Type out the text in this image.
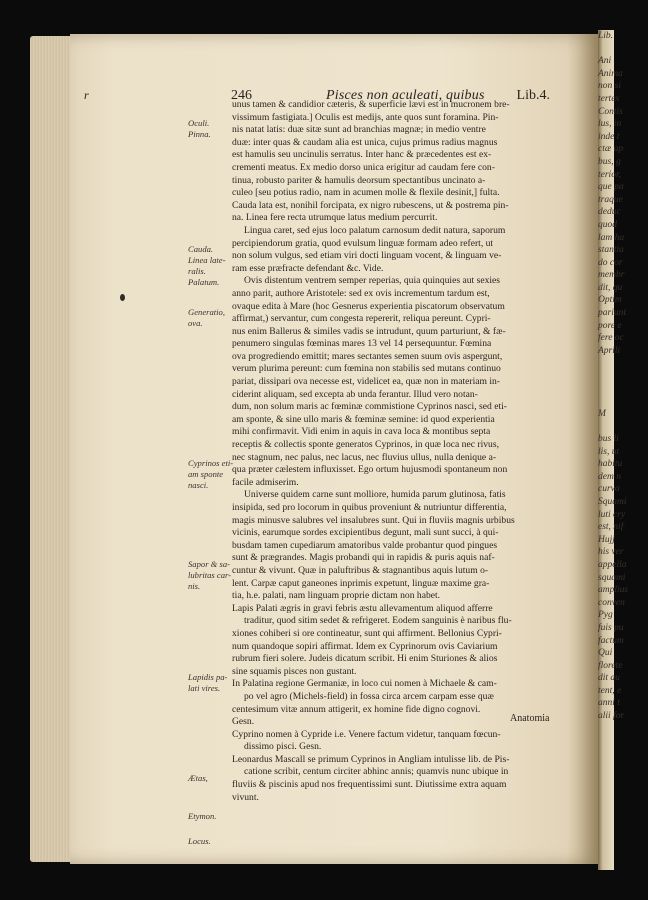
Lib.
Ani
Anima
non si
tertex
Contis
lus, in
inde t
ctæ ap
bus, g
terior,
que pa
traque
deduc
quod
lam ha
stantia
do cor
membr
dit, qu
Optim
pariunt
pore e
fere oc
Aprili
M
bus li
lis, ut
habitu
dem n
curva
Squami
luti cry
est, nif
Hujj
his ver
appella
squami
amplius
conven
Pyg
fuis pu
factum
Qui
florete
dit au
tent, e
anni t
alii for
r	246	Pisces non aculeati, quibus Lib.4.
Oculi.
Pinna.
Cauda.
Linea late-
ralis.
Palatum.
Generatio,
ova.
Cyprinos eti-
am sponte
nasci.
Sapor & sa-
lubritas car-
nis.
Lapidis pa-
lati vires.
Ætas,
Etymon.
Locus.
unus tamen & candidior cæteris, & superficie lævi est in mucronem bre-
vissimum fastigiata.] Oculis est medijs, ante quos sunt foramina. Pin-
nis natat latis: duæ sitæ sunt ad branchias magnæ; in medio ventre
duæ: inter quas & caudam alia est unica, cujus primus radius magnus
est hamulis seu uncinulis serratus. Inter hanc & præcedentes est ex-
crementi meatus. Ex medio dorso unica erigitur ad caudam fere con-
tinua, robusto pariter & hamulis deorsum spectantibus uncinato a-
culeo [seu potius radio, nam in acumen molle & flexile desinit,] fulta.
Cauda lata est, nonihil forcipata, ex nigro rubescens, ut & postrema pin-
na. Linea fere recta utrumque latus medium percurrit.
Lingua caret, sed ejus loco palatum carnosum dedit natura, saporum
percipiendorum gratia, quod evulsum linguæ formam adeo refert, ut
non solum vulgus, sed etiam viri docti linguam vocent, & linguam ve-
ram esse præfracte defendant &c. Vide.
Ovis distentum ventrem semper reperias, quia quinquies aut sexies
anno parit, authore Aristotele: sed ex ovis incrementum tardum est,
ovaque edita à Mare (hoc Gesnerus experientia piscatorum observatum
affirmat,) servantur, cum congesta repererit, reliqua pereunt. Cypri-
nus enim Ballerus & similes vadis se intrudunt, quum parturiunt, & fæ-
penumero singulas fœminas mares 13 vel 14 persequuntur. Fœmina
ova progrediendo emittit; mares sectantes semen suum ovis aspergunt,
verum plurima pereunt: cum fœmina non stabilis sed mutans continuo
pariat, dissipari ova necesse est, videlicet ea, quæ non in materiam in-
ciderint aliquam, sed excepta ab unda ferantur. Illud vero notan-
dum, non solum maris ac fœminæ commistione Cyprinos nasci, sed eti-
am sponte, & sine ullo maris & fœminæ semine: id quod experientia
mihi confirmavit. Vidi enim in aquis in cava loca & montibus septa
receptis & collectis sponte generatos Cyprinos, in quæ loca nec rivus,
nec stagnum, nec palus, nec lacus, nec fluvius ullus, nulla denique a-
qua præter cælestem influxisset. Ego ortum hujusmodi spontaneum non
facile admiserim.
Universe quidem carne sunt molliore, humida parum glutinosa, fatis
insipida, sed pro locorum in quibus proveniunt & nutriuntur differentia,
magis minusve salubres vel insalubres sunt. Qui in fluviis magnis urbibus
vicinis, earumque sordes excipientibus degunt, mali sunt succi, à qui-
busdam tamen cupediarum amatoribus valde probantur quod pingues
sunt & prægrandes. Magis probandi qui in rapidis & puris aquis naf-
cuntur & vivunt. Quæ in paluftribus & stagnantibus aquis lutum o-
lent. Carpæ caput ganeones inprimis expetunt, linguæ maxime gra-
tia, h.e. palati, nam linguam proprie dictam non habet.
Lapis Palati ægris in gravi febris æstu allevamentum aliquod afferre
traditur, quod sitim sedet & refrigeret. Eodem sanguinis è naribus flu-
xiones cohiberi si ore contineatur, sunt qui affirment. Bellonius Cypri-
num quandoque sopiri affirmat. Idem ex Cyprinorum ovis Caviarium
rubrum fieri solere. Judeis dicatum scribit. Hi enim Sturiones & alios
sine squamis pisces non gustant.
In Palatina regione Germaniæ, in loco cui nomen à Michaele & cam-
po vel agro (Michels-field) in fossa circa arcem carpam esse quæ
centesimum vitæ annum attigerit, ex homine fide digno cognovi.
Gesn.
Cyprino nomen à Cypride i.e. Venere factum videtur, tanquam fœcun-
dissimo pisci. Gesn.
Leonardus Mascall se primum Cyprinos in Angliam intulisse lib. de Pis-
catione scribit, centum circiter abhinc annis; quamvis nunc ubique in
fluviis & piscinis apud nos frequentissimi sunt. Diutissime extra aquam
vivunt.
Anatomia
